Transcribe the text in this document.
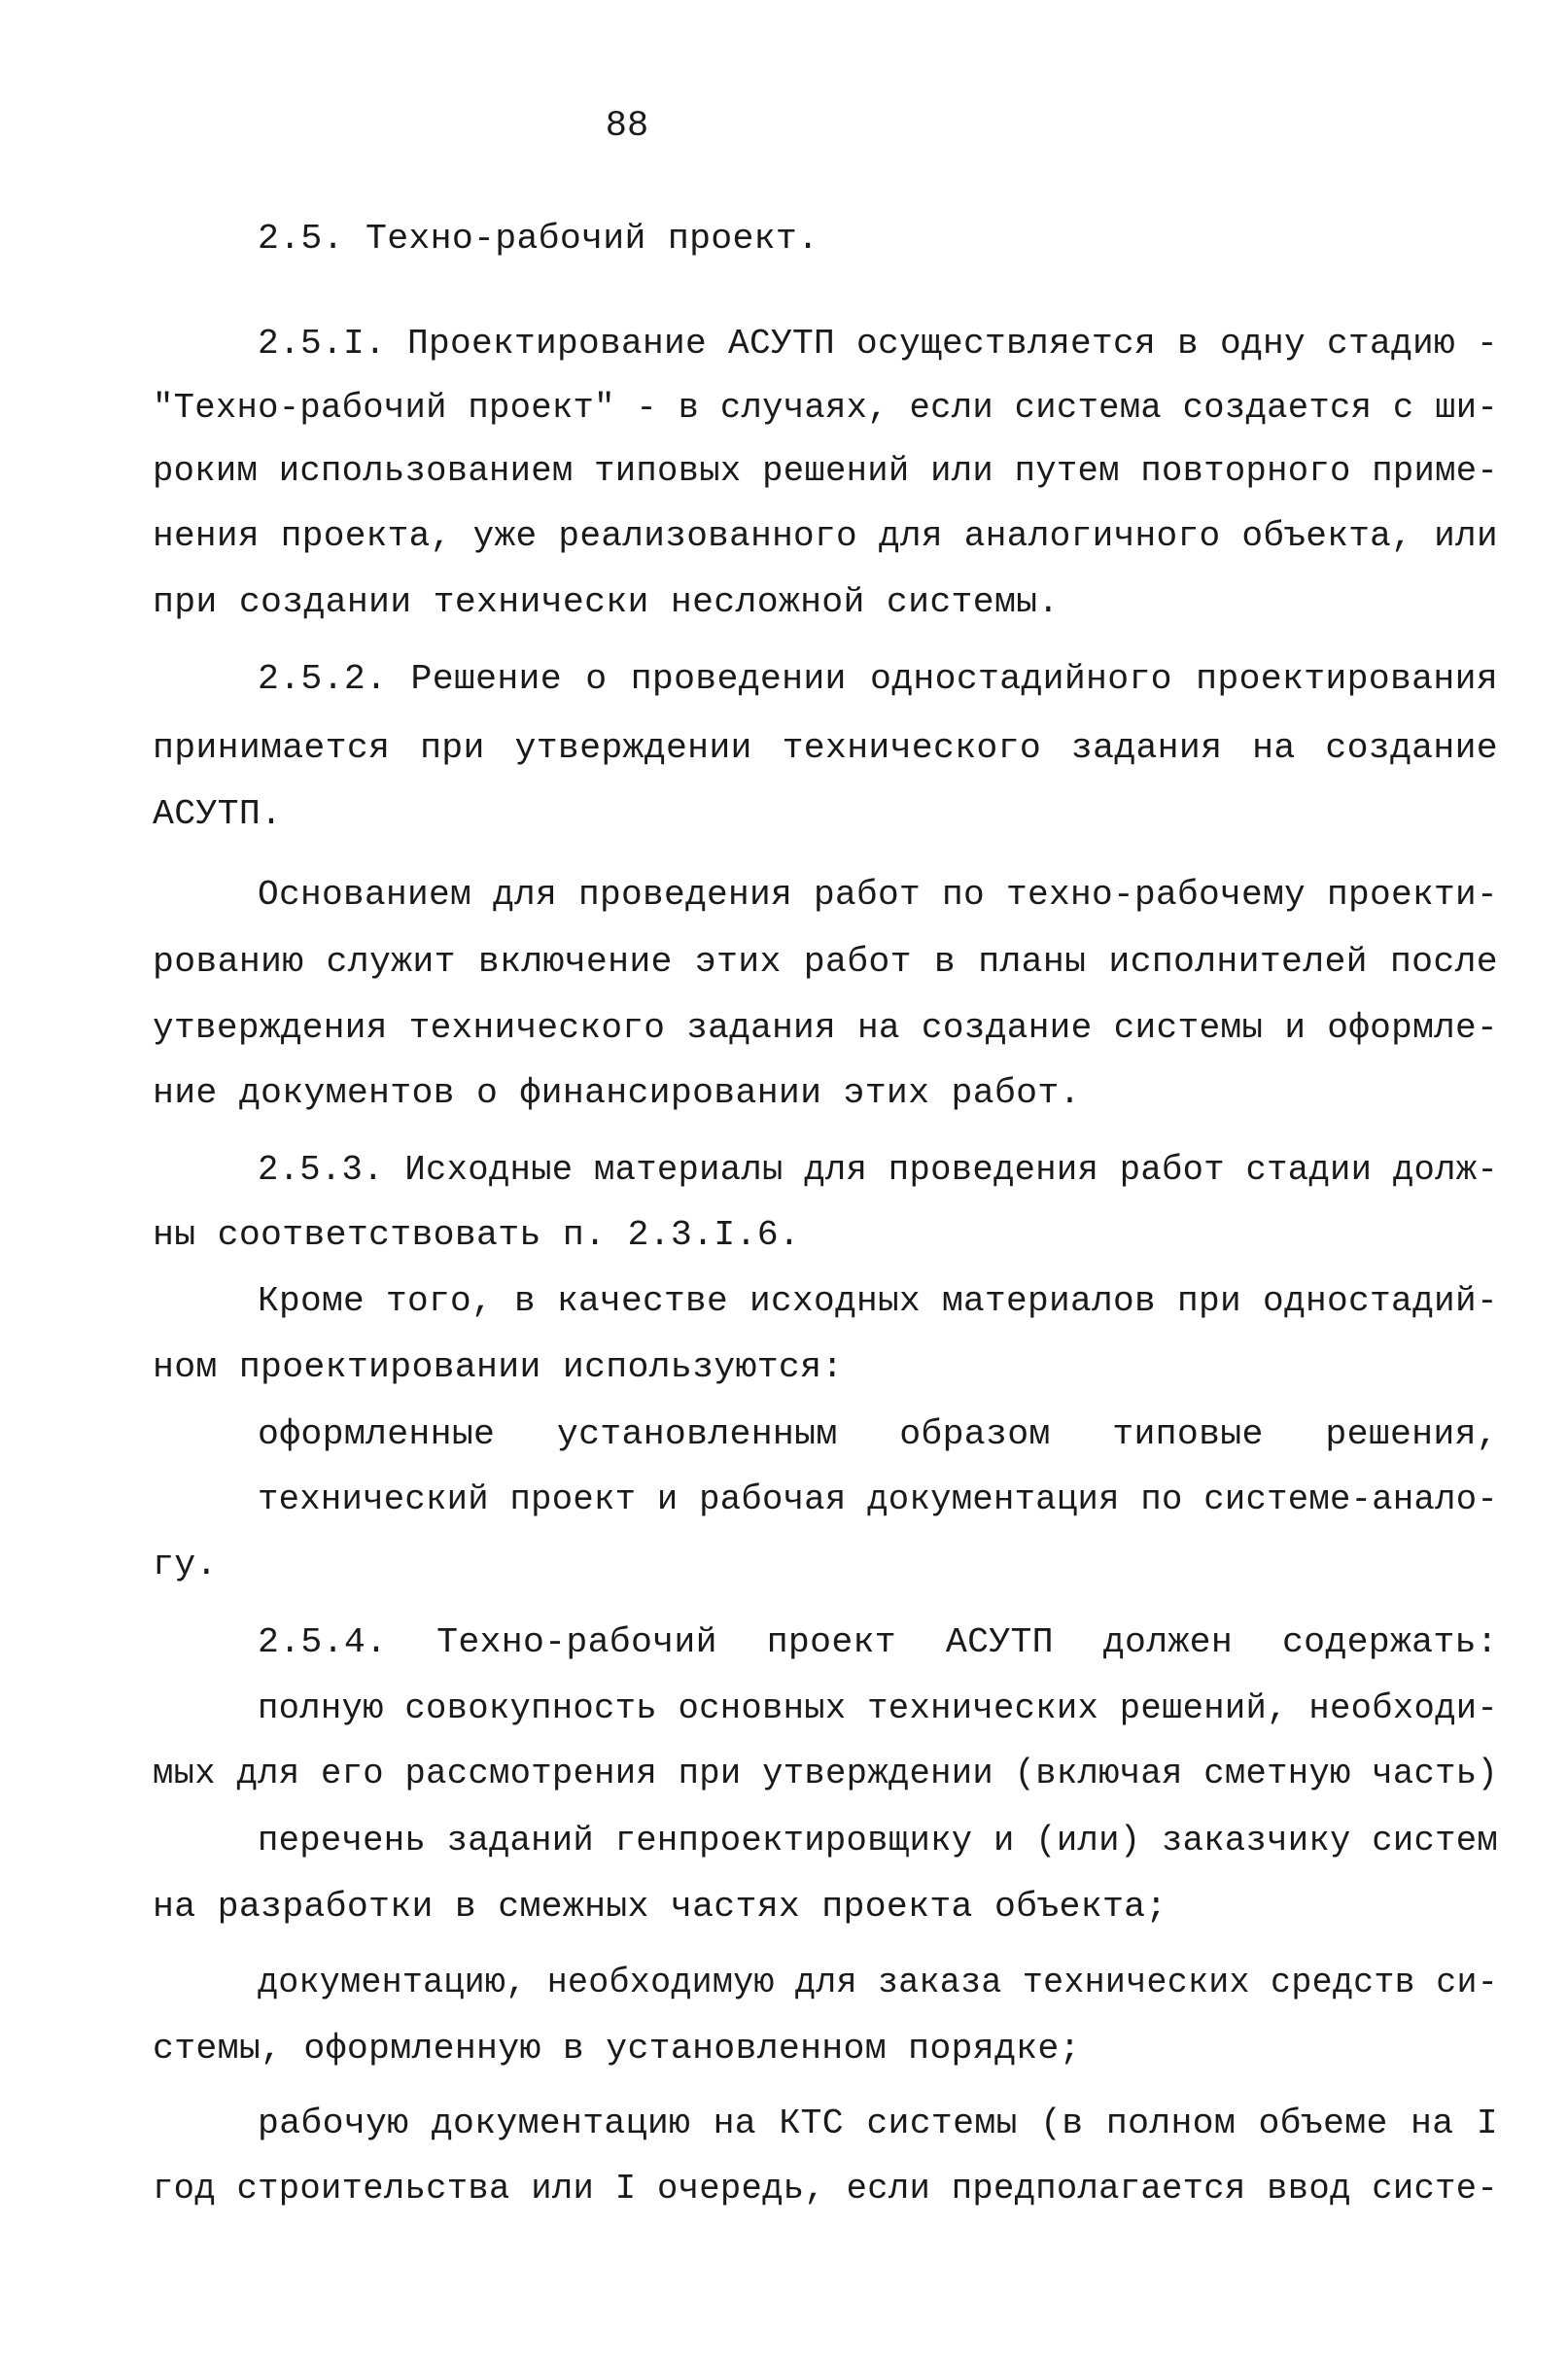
88
2.5. Техно-рабочий проект.
2.5.I. Проектирование АСУТП осуществляется в одну стадию -
"Техно-рабочий проект" - в случаях, если система создается с ши-
роким использованием типовых решений или путем повторного приме-
нения проекта, уже реализованного для аналогичного объекта, или
при создании технически несложной системы.
2.5.2. Решение о проведении одностадийного проектирования
принимается при утверждении технического задания на создание
АСУТП.
Основанием для проведения работ по техно-рабочему проекти-
рованию служит включение этих работ в планы исполнителей после
утверждения технического задания на создание системы и оформле-
ние документов о финансировании этих работ.
2.5.3. Исходные материалы для проведения работ стадии долж-
ны соответствовать п. 2.3.I.6.
Кроме того, в качестве исходных материалов при одностадий-
ном проектировании используются:
оформленные установленным образом типовые решения,
технический проект и рабочая документация по системе-анало-
гу.
2.5.4. Техно-рабочий проект АСУТП должен содержать:
полную совокупность основных технических решений, необходи-
мых для его рассмотрения при утверждении (включая сметную часть)
перечень заданий генпроектировщику и (или) заказчику систем
на разработки в смежных частях проекта объекта;
документацию, необходимую для заказа технических средств си-
стемы, оформленную в установленном порядке;
рабочую документацию на КТС системы (в полном объеме на I
год строительства или I очередь, если предполагается ввод систе-
